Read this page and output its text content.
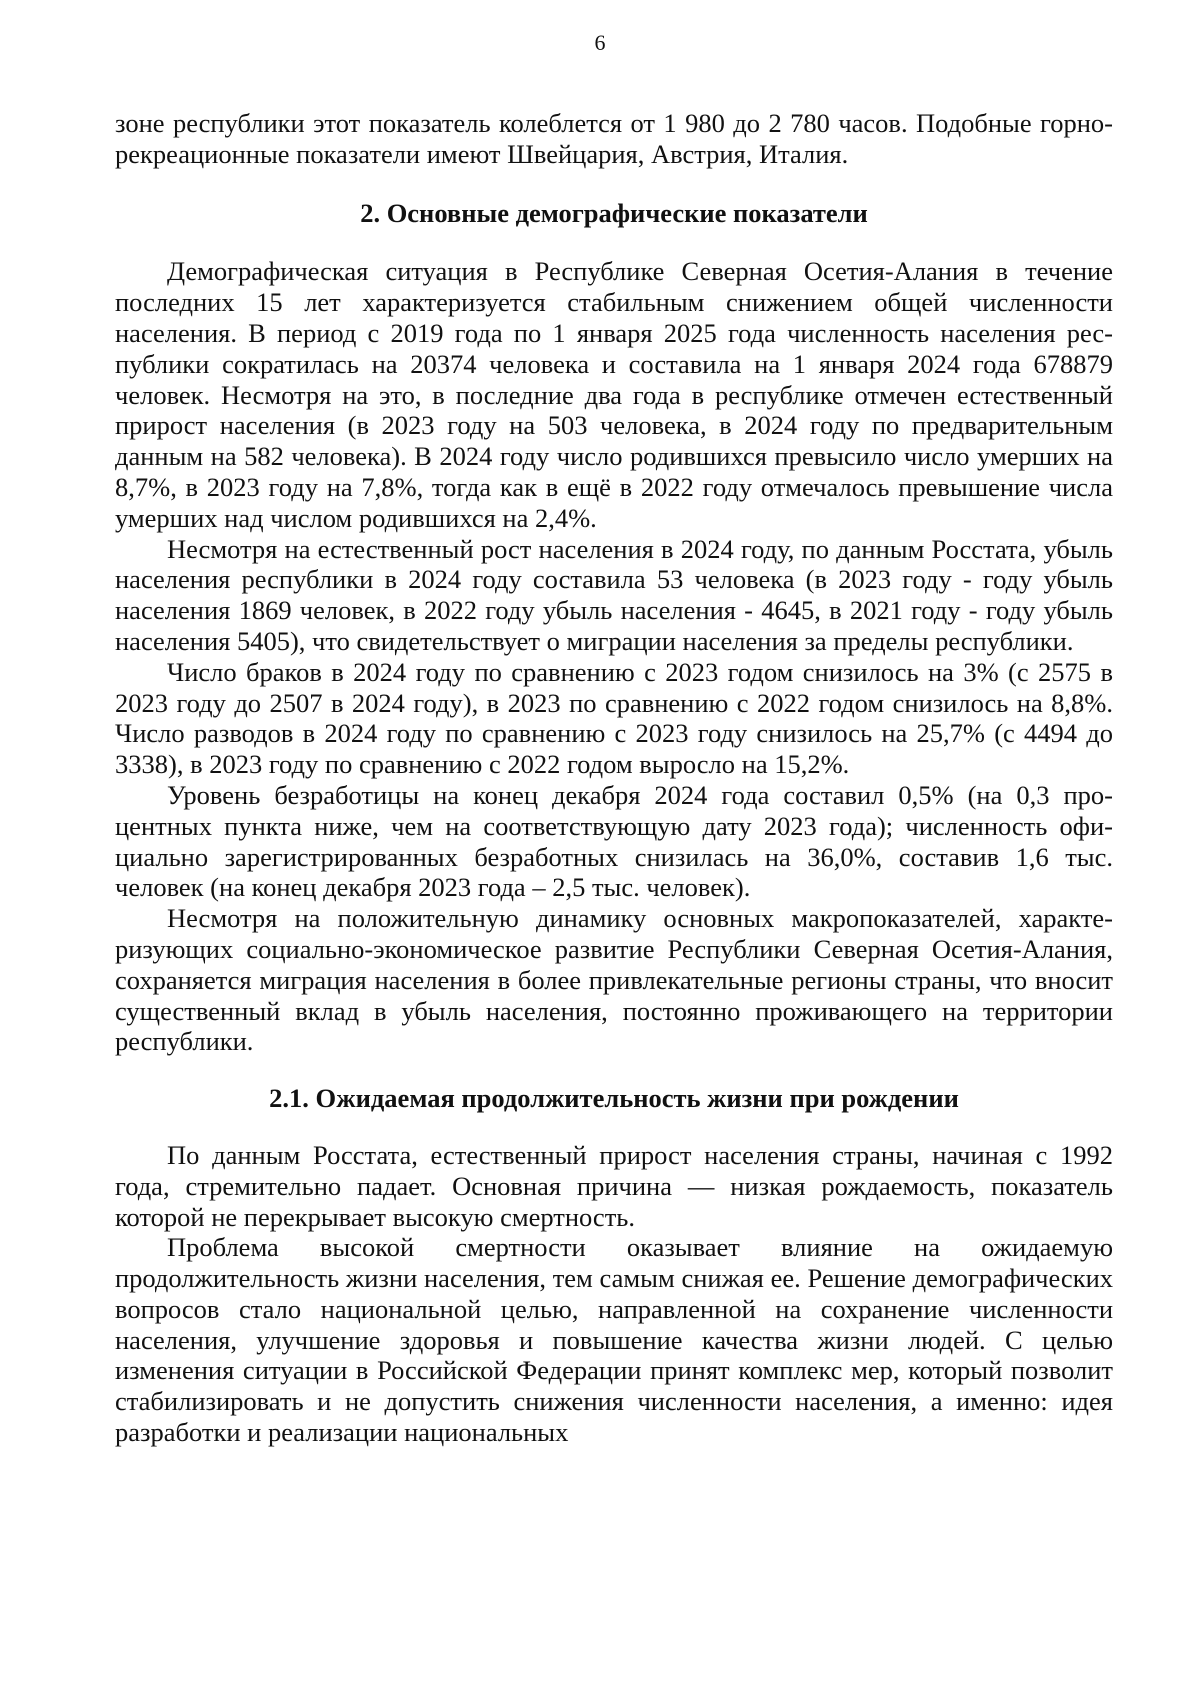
6

зоне республики этот показатель колеблется от 1 980 до 2 780 часов. Подобные горно-рекреационные показатели имеют Швейцария, Австрия, Италия.

2. Основные демографические показатели

Демографическая ситуация в Республике Северная Осетия-Алания в течение последних 15 лет характеризуется стабильным снижением общей численности населения. В период с 2019 года по 1 января 2025 года численность населения республики сократилась на 20374 человека и составила на 1 января 2024 года 678879 человек. Несмотря на это, в последние два года в республике отмечен естественный прирост населения (в 2023 году на 503 человека, в 2024 году по предварительным данным на 582 человека). В 2024 году число родившихся превысило число умерших на 8,7%, в 2023 году на 7,8%, тогда как в ещё в 2022 году отмечалось превышение числа умерших над числом родившихся на 2,4%.

Несмотря на естественный рост населения в 2024 году, по данным Росстата, убыль населения республики в 2024 году составила 53 человека (в 2023 году - году убыль населения 1869 человек, в 2022 году убыль населения - 4645, в 2021 году - году убыль населения 5405), что свидетельствует о миграции населения за пределы республики.

Число браков в 2024 году по сравнению с 2023 годом снизилось на 3% (с 2575 в 2023 году до 2507 в 2024 году), в 2023 по сравнению с 2022 годом снизилось на 8,8%. Число разводов в 2024 году по сравнению с 2023 году снизилось на 25,7% (с 4494 до 3338), в 2023 году по сравнению с 2022 годом выросло на 15,2%.

Уровень безработицы на конец декабря 2024 года составил 0,5% (на 0,3 процентных пункта ниже, чем на соответствующую дату 2023 года); численность официально зарегистрированных безработных снизилась на 36,0%, составив 1,6 тыс. человек (на конец декабря 2023 года – 2,5 тыс. человек).

Несмотря на положительную динамику основных макропоказателей, характеризующих социально-экономическое развитие Республики Северная Осетия-Алания, сохраняется миграция населения в более привлекательные регионы страны, что вносит существенный вклад в убыль населения, постоянно проживающего на территории республики.

2.1. Ожидаемая продолжительность жизни при рождении

По данным Росстата, естественный прирост населения страны, начиная с 1992 года, стремительно падает. Основная причина — низкая рождаемость, показатель которой не перекрывает высокую смертность.

Проблема высокой смертности оказывает влияние на ожидаемую продолжительность жизни населения, тем самым снижая ее. Решение демографических вопросов стало национальной целью, направленной на сохранение численности населения, улучшение здоровья и повышение качества жизни людей. С целью изменения ситуации в Российской Федерации принят комплекс мер, который позволит стабилизировать и не допустить снижения численности населения, а именно: идея разработки и реализации национальных
